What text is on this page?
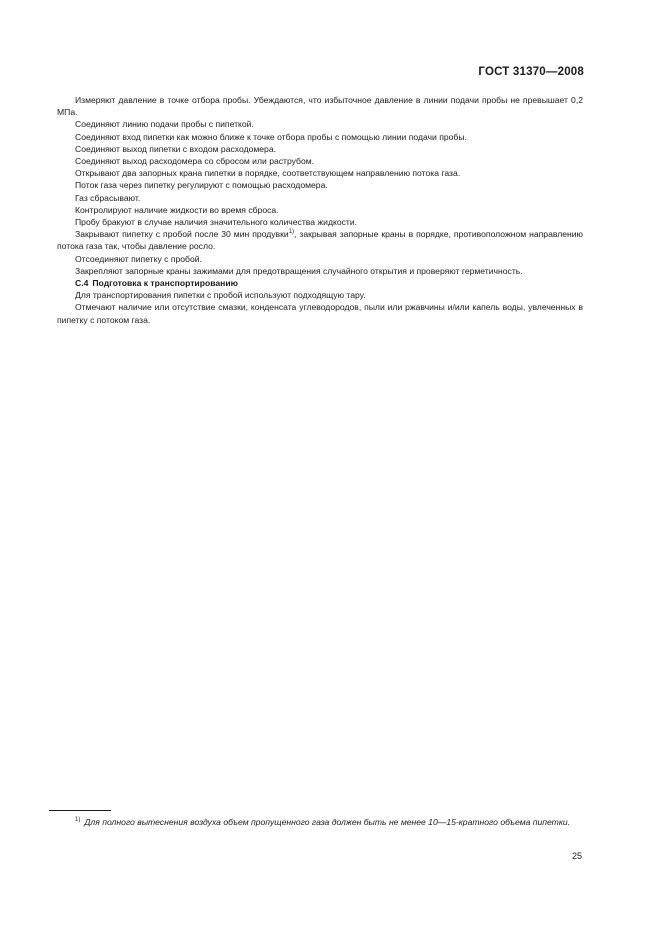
ГОСТ 31370—2008

Измеряют давление в точке отбора пробы. Убеждаются, что избыточное давление в линии подачи пробы не превышает 0,2 МПа.

Соединяют линию подачи пробы с пипеткой.

Соединяют вход пипетки как можно ближе к точке отбора пробы с помощью линии подачи пробы.

Соединяют выход пипетки с входом расходомера.

Соединяют выход расходомера со сбросом или раструбом.

Открывают два запорных крана пипетки в порядке, соответствующем направлению потока газа.

Поток газа через пипетку регулируют с помощью расходомера.

Газ сбрасывают.

Контролируют наличие жидкости во время сброса.

Пробу бракуют в случае наличия значительного количества жидкости.

Закрывают пипетку с пробой после 30 мин продувки$^{1)}$, закрывая запорные краны в порядке, противоположном направлению потока газа так, чтобы давление росло.

Отсоединяют пипетку с пробой.

Закрепляют запорные краны зажимами для предотвращения случайного открытия и проверяют герметичность.

С.4 Подготовка к транспортированию

Для транспортирования пипетки с пробой используют подходящую тару.

Отмечают наличие или отсутствие смазки, конденсата углеводородов, пыли или ржавчины и/или капель воды, увлеченных в пипетку с потоком газа.

$^{1)}$ Для полного вытеснения воздуха объем пропущенного газа должен быть не менее 10—15-кратного объема пипетки.
25
